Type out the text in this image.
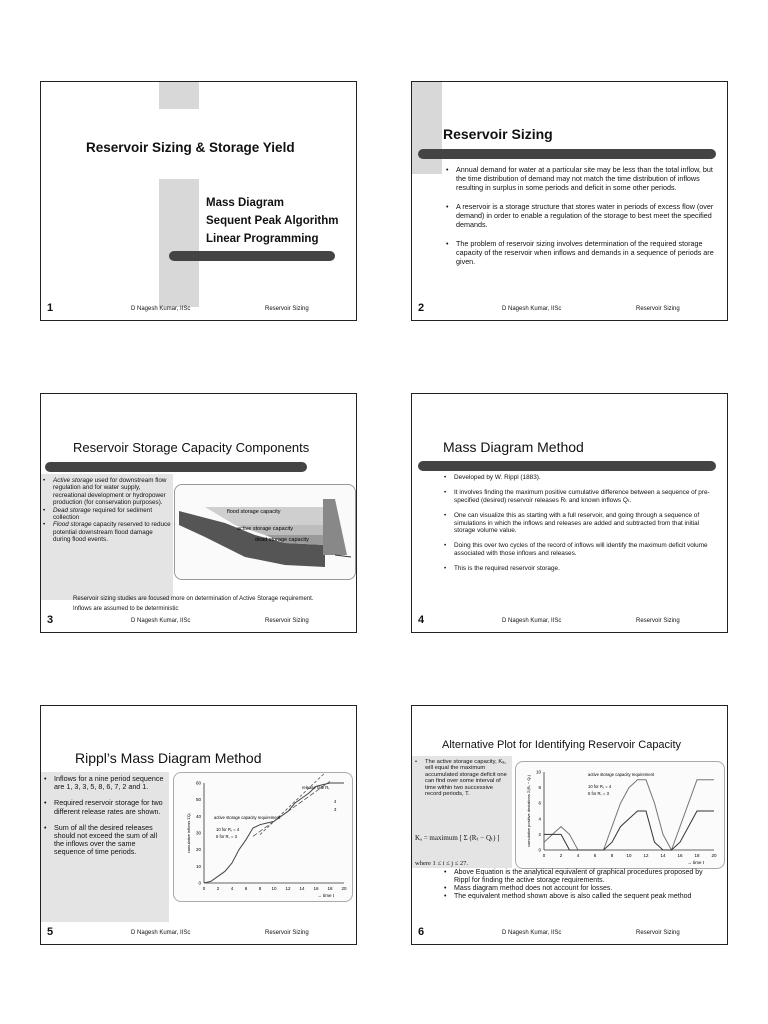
Reservoir Sizing & Storage Yield
Mass Diagram
Sequent Peak Algorithm
Linear Programming
1	D Nagesh Kumar, IISc	Reservoir Sizing
Reservoir Sizing
• Annual demand for water at a particular site may be less than the total inflow, but the time distribution of demand may not match the time distribution of inflows resulting in surplus in some periods and deficit in some other periods.
• A reservoir is a storage structure that stores water in periods of excess flow (over demand) in order to enable a regulation of the storage to best meet the specified demands.
• The problem of reservoir sizing involves determination of the required storage capacity of the reservoir when inflows and demands in a sequence of periods are given.
2	D Nagesh Kumar, IISc	Reservoir Sizing
Reservoir Storage Capacity Components
• Active storage used for downstream flow regulation and for water supply, recreational development or hydropower production (for conservation purposes).
• Dead storage required for sediment collection
• Flood storage capacity reserved to reduce potential downstream flood damage during flood events.
flood storage capacity
active storage capacity
dead storage capacity
Reservoir sizing studies are focused more on determination of Active Storage requirement.
Inflows are assumed to be deterministic
3	D Nagesh Kumar, IISc	Reservoir Sizing
Mass Diagram Method
• Developed by W. Rippl (1883).
• It involves finding the maximum positive cumulative difference between a sequence of pre-specified (desired) reservoir releases Rₜ and known inflows Qₜ.
• One can visualize this as starting with a full reservoir, and going through a sequence of simulations in which the inflows and releases are added and subtracted from that initial storage volume value.
• Doing this over two cycles of the record of inflows will identify the maximum deficit volume associated with those inflows and releases.
• This is the required reservoir storage.
4	D Nagesh Kumar, IISc	Reservoir Sizing
Rippl’s Mass Diagram Method
• Inflows for a nine period sequence are 1, 3, 3, 5, 8, 6, 7, 2 and 1.
• Required reservoir storage for two different release rates are shown.
• Sum of all the desired releases should not exceed the sum of all the inflows over the same sequence of time periods.
0	2	4	6	8 10 12 14 16 18 20
0
10
20
30
40
50
60
→ time t
cumulative inflows ΣQₜ
release rate Rₜ
active storage capacity requirement
10 for Rₜ = 4
5 for Rₜ = 3
4
3
5	D Nagesh Kumar, IISc	Reservoir Sizing
Alternative Plot for Identifying Reservoir Capacity
• The active storage capacity, Kₐ, will equal the maximum accumulated storage deficit one can find over some interval of time within two successive record periods, T.
Kₐ = maximum [ Σ (Rₜ − Qₜ) ]
where 1 ≤ i ≤ j ≤ 27.
0	2	4	6	8	10	12	14	16	18	20
0
2
4
6
8
10
→ time t
cumulative positive deviations Σ(Rₜ − Qₜ)
active storage capacity requirement
10 for Rₜ = 4
5 for Rₜ = 3
• Above Equation is the analytical equivalent of graphical procedures proposed by Rippl for finding the active storage requirements.
• Mass diagram method does not account for losses.
• The equivalent method shown above is also called the sequent peak method
6	D Nagesh Kumar, IISc	Reservoir Sizing
